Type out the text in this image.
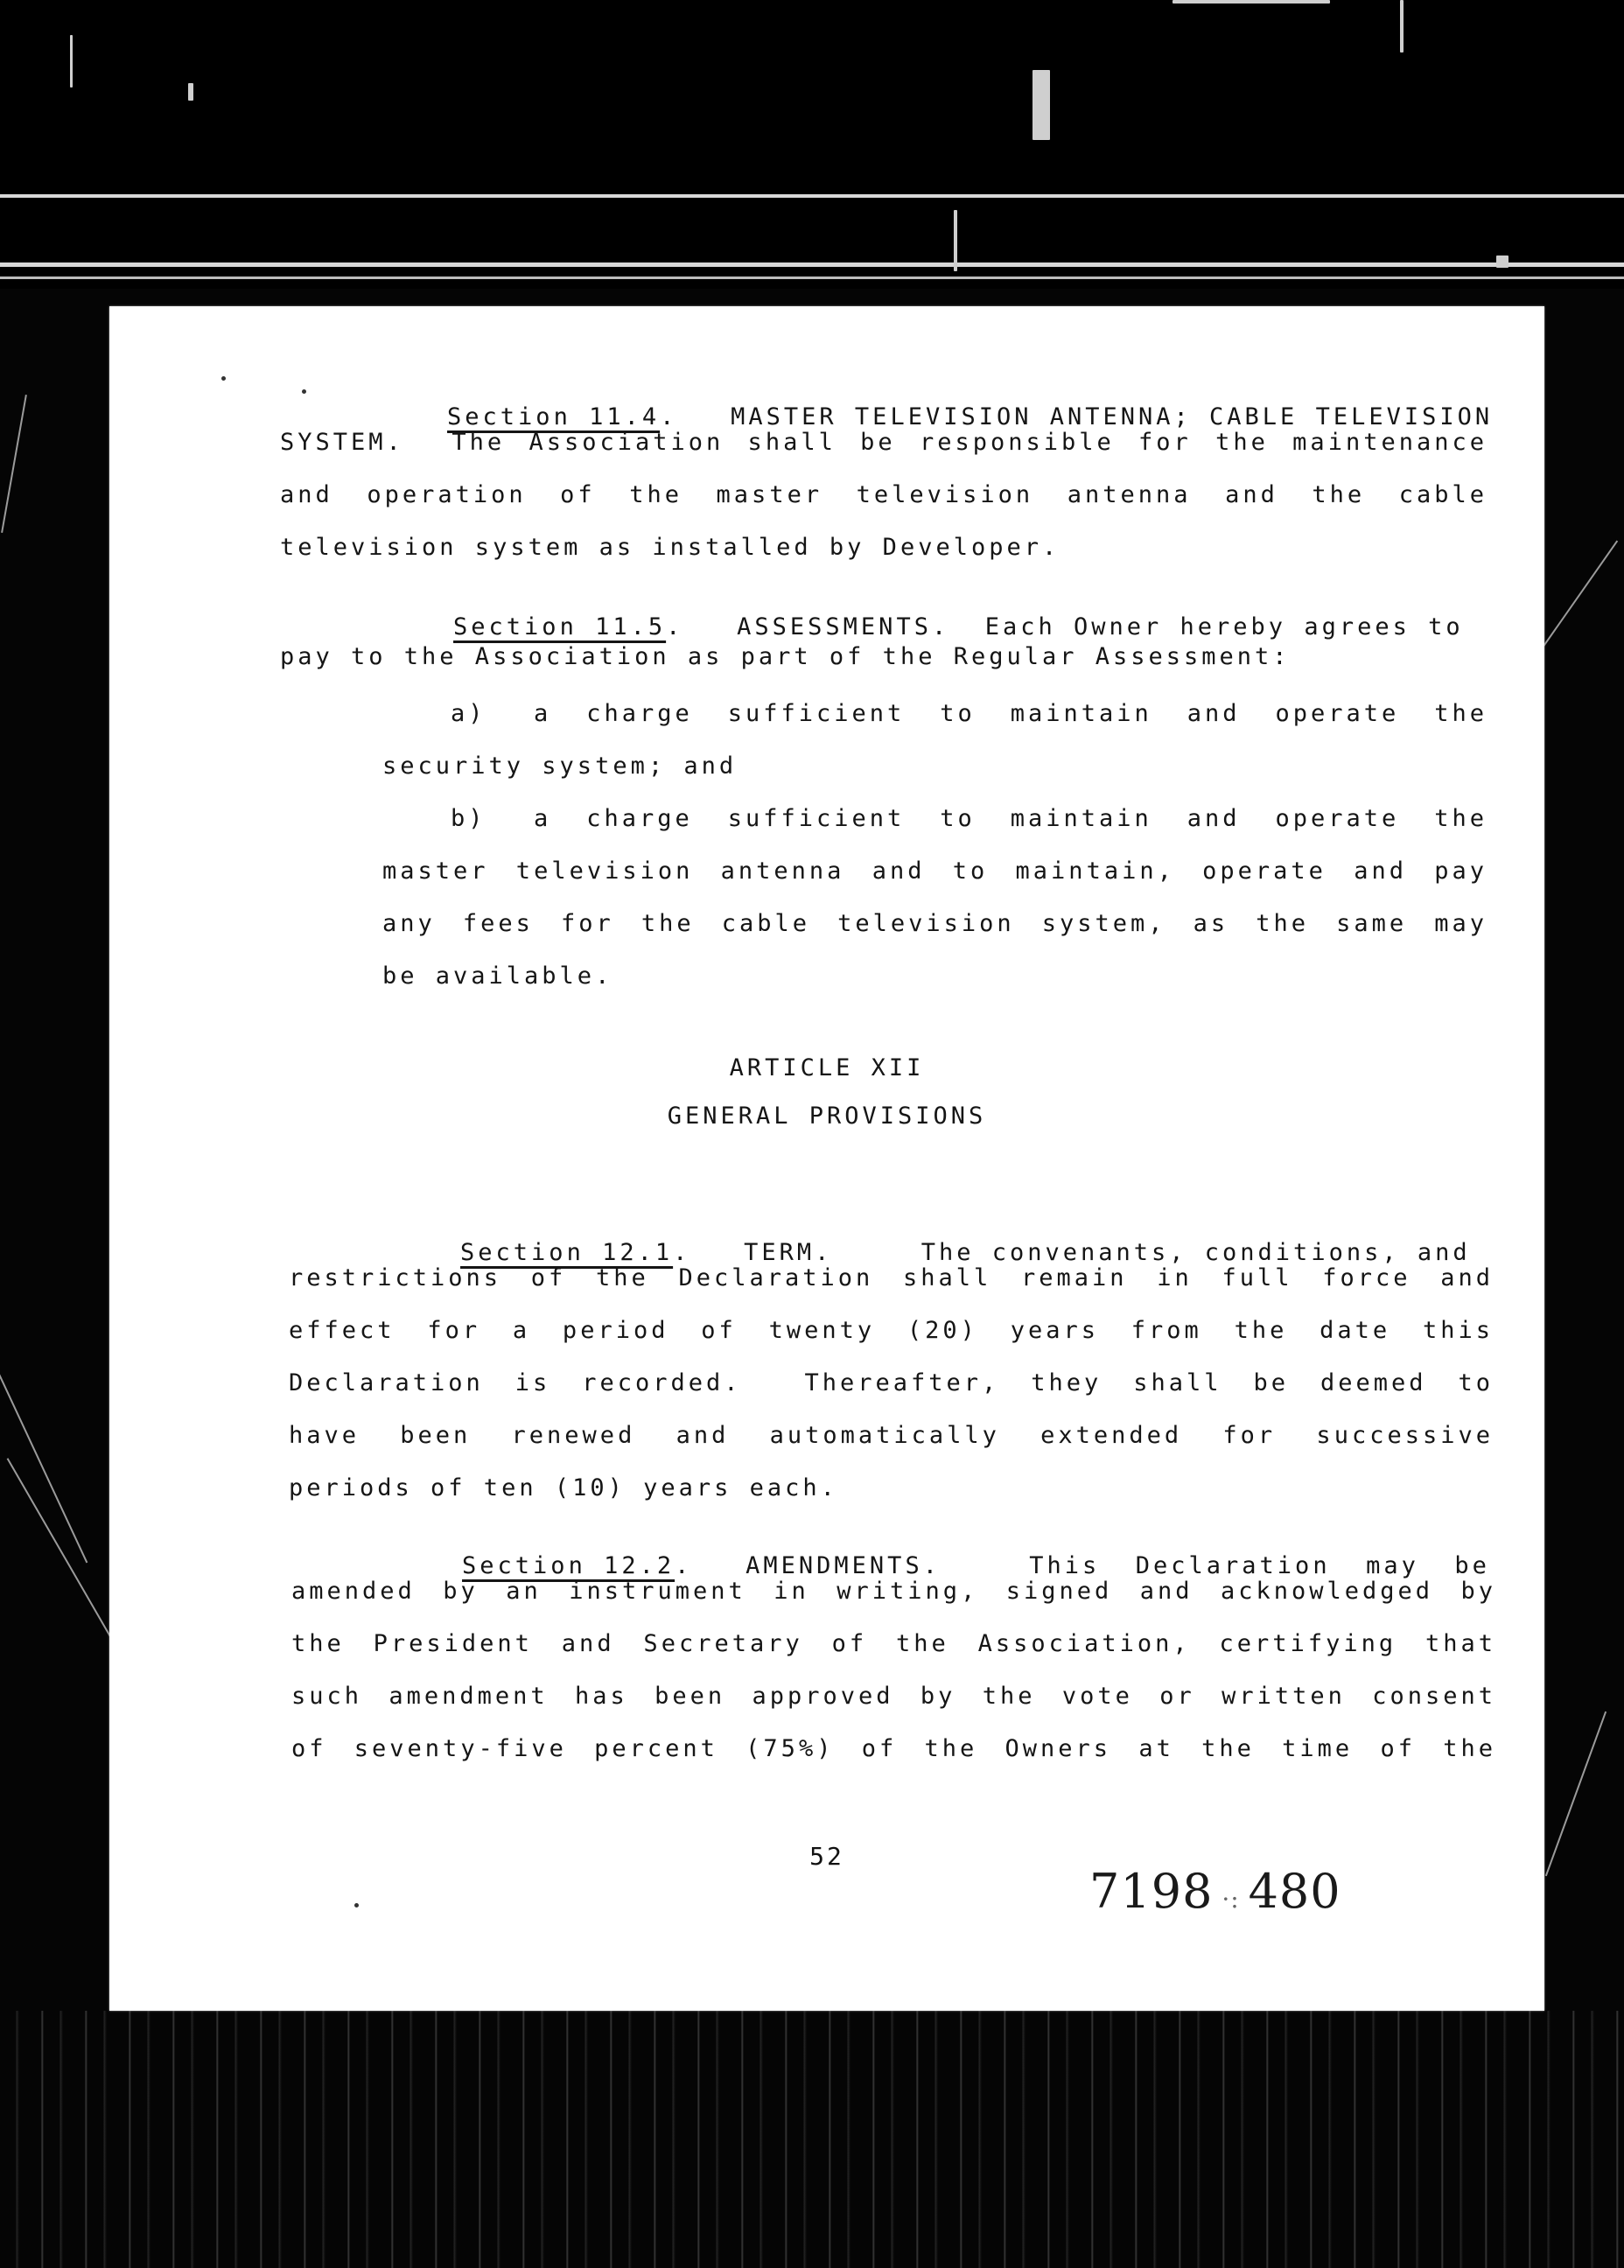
Section 11.4.   MASTER TELEVISION ANTENNA; CABLE TELEVISION

SYSTEM.  The Association shall be responsible for the maintenance
and operation of the master television antenna and the cable
television system as installed by Developer.

Section 11.5.   ASSESSMENTS.  Each Owner hereby agrees to

pay to the Association as part of the Regular Assessment:
a) a charge sufficient to maintain and operate the
security system; and
b) a charge sufficient to maintain and operate the
master television antenna and to maintain, operate and pay
any fees for the cable television system, as the same may
be available.
ARTICLE XII
GENERAL PROVISIONS

Section 12.1.   TERM.     The convenants, conditions, and

restrictions of the Declaration shall remain in full force and
effect for a period of twenty (20) years from the date this
Declaration is recorded.  Thereafter, they shall be deemed to
have been renewed and automatically extended for successive
periods of ten (10) years each.

Section 12.2.   AMENDMENTS.     This  Declaration  may  be

amended by an instrument in writing, signed and acknowledged by
the President and Secretary of the Association, certifying that
such amendment has been approved by the vote or written consent
of seventy-five percent (75%) of the Owners at the time of the
52
7198 ·: 480
